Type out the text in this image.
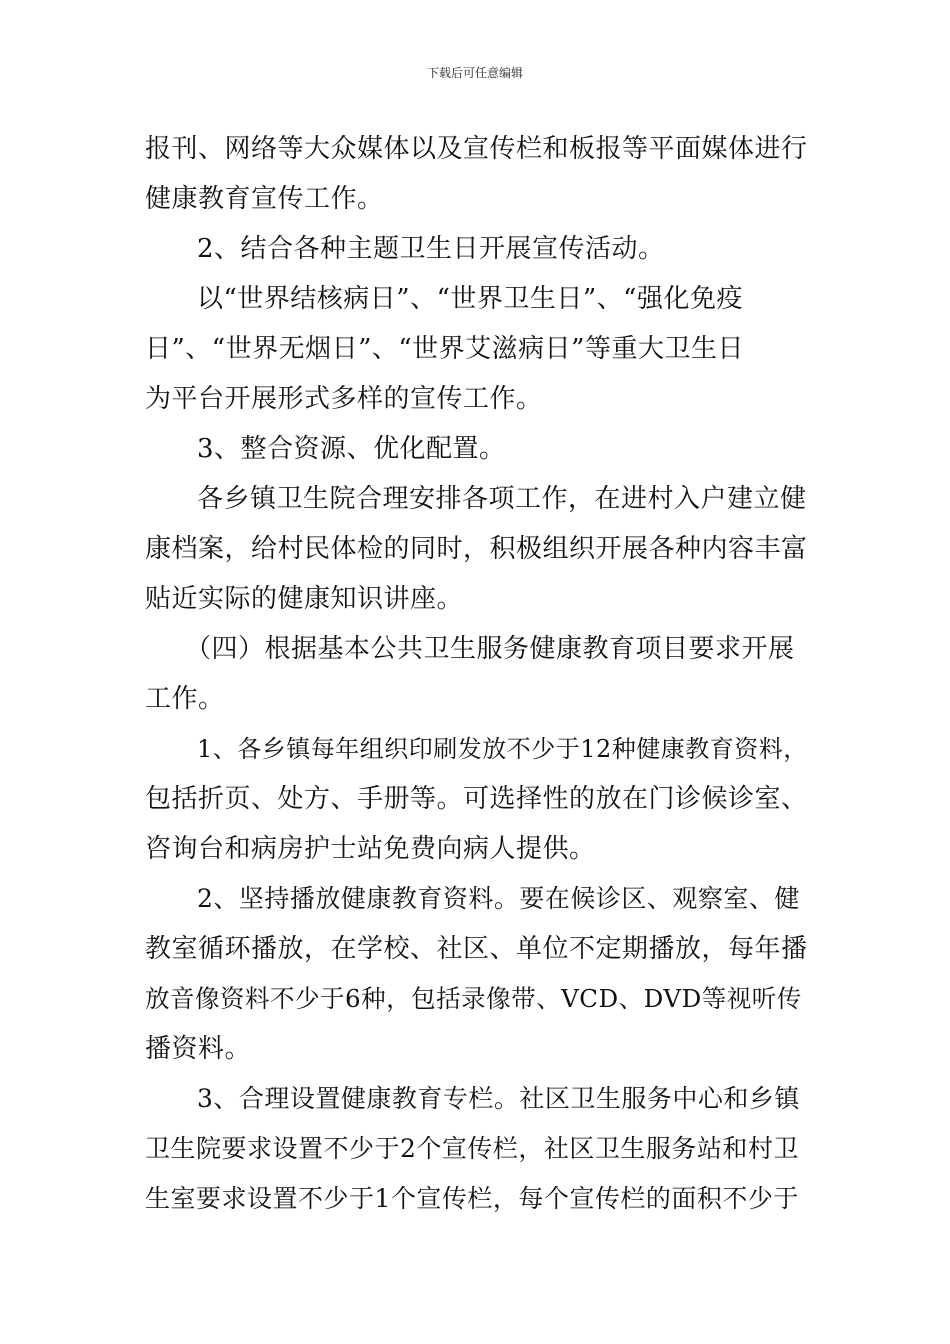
下载后可任意编辑
报刊、网络等大众媒体以及宣传栏和板报等平面媒体进行
健康教育宣传工作。
2、结合各种主题卫生日开展宣传活动。
以“世界结核病日”、“世界卫生日”、“强化免疫
日”、“世界无烟日”、“世界艾滋病日”等重大卫生日
为平台开展形式多样的宣传工作。
3、整合资源、优化配置。
各乡镇卫生院合理安排各项工作，在进村入户建立健
康档案，给村民体检的同时，积极组织开展各种内容丰富
贴近实际的健康知识讲座。
（四）根据基本公共卫生服务健康教育项目要求开展
工作。
1、各乡镇每年组织印刷发放不少于12种健康教育资料，
包括折页、处方、手册等。可选择性的放在门诊候诊室、
咨询台和病房护士站免费向病人提供。
2、坚持播放健康教育资料。要在候诊区、观察室、健
教室循环播放，在学校、社区、单位不定期播放，每年播
放音像资料不少于6种，包括录像带、VCD、DVD等视听传
播资料。
3、合理设置健康教育专栏。社区卫生服务中心和乡镇
卫生院要求设置不少于2个宣传栏，社区卫生服务站和村卫
生室要求设置不少于1个宣传栏，每个宣传栏的面积不少于
